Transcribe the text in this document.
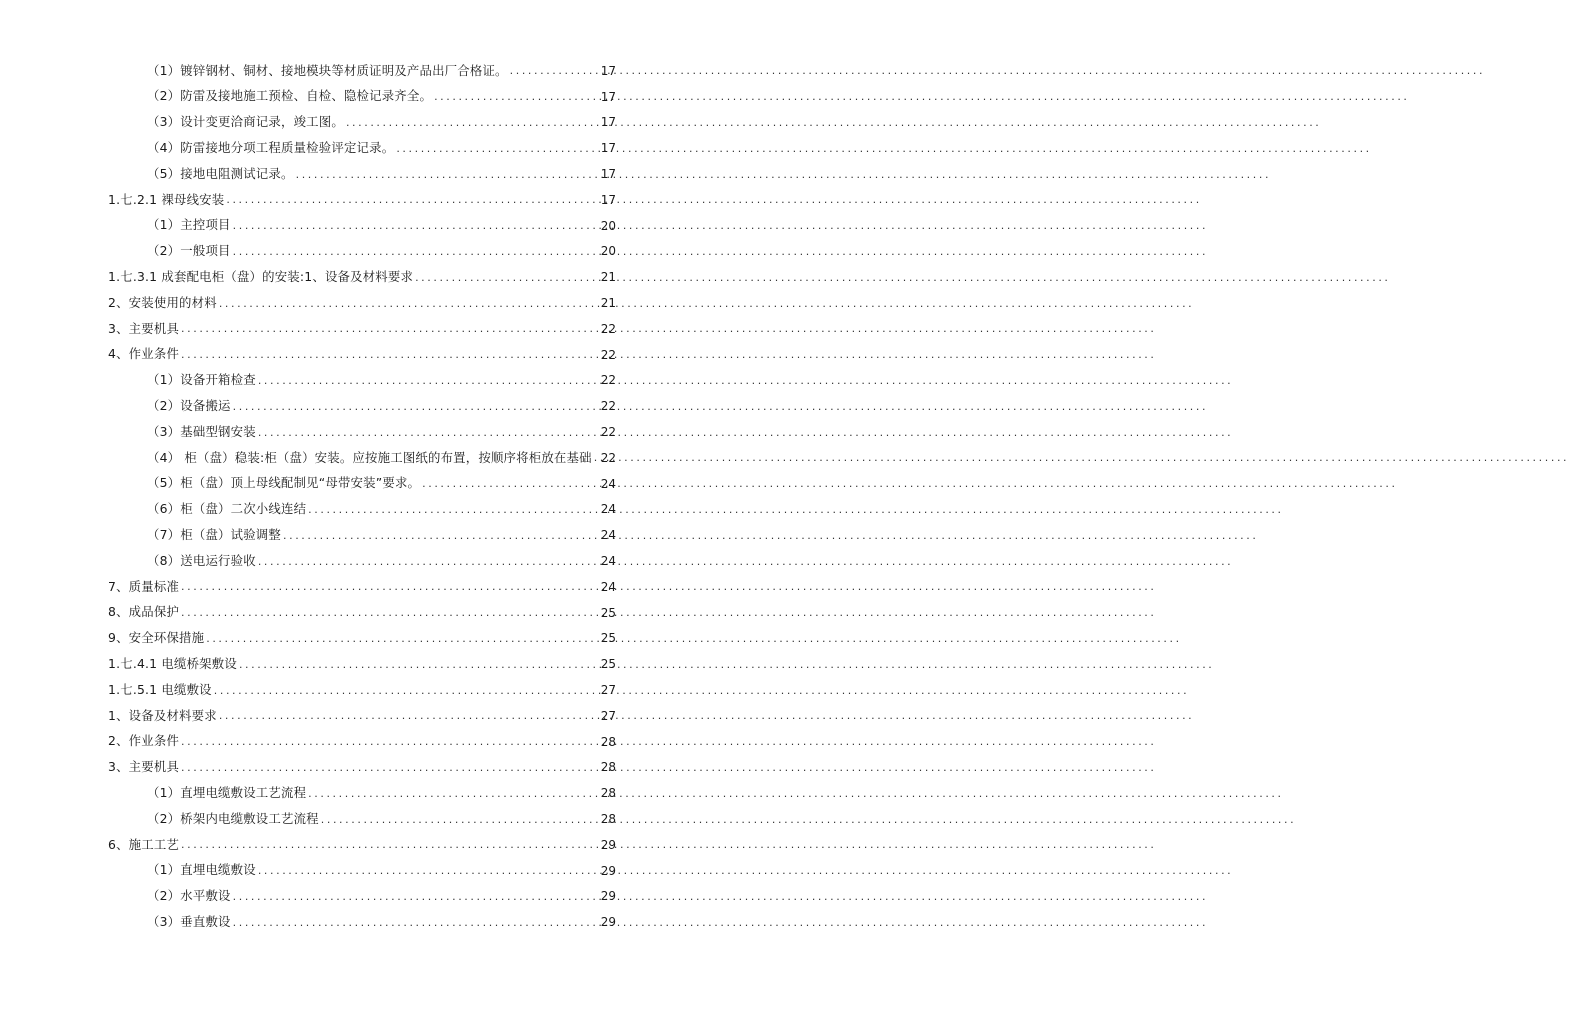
（1）镀锌钢材、铜材、接地模块等材质证明及产品出厂合格证。 .....	17
（2）防雷及接地施工预检、自检、隐检记录齐全。 .....	17
（3）设计变更洽商记录，竣工图。 .....	17
（4）防雷接地分项工程质量检验评定记录。 .....	17
（5）接地电阻测试记录。 .....	17
1.七.2.1 裸母线安装 .....	17
（1）主控项目 .....	20
（2）一般项目 .....	20
1.七.3.1 成套配电柜（盘）的安装:1、设备及材料要求 .....	21
2、安装使用的材料 .....	21
3、主要机具 .....	22
4、作业条件 .....	22
（1）设备开箱检查 .....	22
（2）设备搬运 .....	22
（3）基础型钢安装 .....	22
（4） 柜（盘）稳装:柜（盘）安装。应按施工图纸的布置，按顺序将柜放在基础 ..... 22
（5）柜（盘）顶上母线配制见“母带安装”要求。 .....	24
（6）柜（盘）二次小线连结 .....	24
（7）柜（盘）试验调整 .....	24
（8）送电运行验收 .....	24
7、质量标准 .....	24
8、成品保护 .....	25
9、安全环保措施 .....	25
1.七.4.1 电缆桥架敷设 .....	25
1.七.5.1 电缆敷设 .....	27
1、设备及材料要求 .....	27
2、作业条件 .....	28
3、主要机具 .....	28
（1）直埋电缆敷设工艺流程 .....	28
（2）桥架内电缆敷设工艺流程 .....	28
6、施工工艺 .....	29
（1）直埋电缆敷设 .....	29
（2）水平敷设 .....	29
（3）垂直敷设 .....	29
